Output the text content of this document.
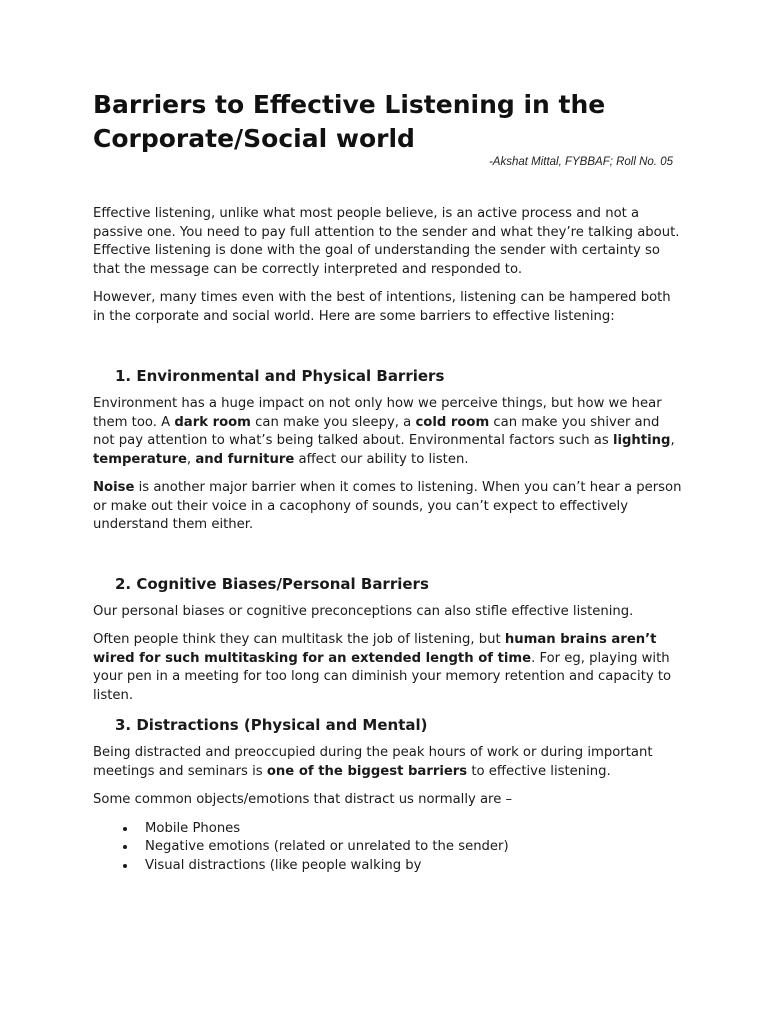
Barriers to Effective Listening in the Corporate/Social world
-Akshat Mittal, FYBBAF; Roll No. 05

Effective listening, unlike what most people believe, is an active process and not a passive one. You need to pay full attention to the sender and what they’re talking about. Effective listening is done with the goal of understanding the sender with certainty so that the message can be correctly interpreted and responded to.

However, many times even with the best of intentions, listening can be hampered both in the corporate and social world. Here are some barriers to effective listening:

1. Environmental and Physical Barriers

Environment has a huge impact on not only how we perceive things, but how we hear them too. A dark room can make you sleepy, a cold room can make you shiver and not pay attention to what’s being talked about. Environmental factors such as lighting, temperature, and furniture affect our ability to listen.

Noise is another major barrier when it comes to listening. When you can’t hear a person or make out their voice in a cacophony of sounds, you can’t expect to effectively understand them either.

2. Cognitive Biases/Personal Barriers

Our personal biases or cognitive preconceptions can also stifle effective listening.

Often people think they can multitask the job of listening, but human brains aren’t wired for such multitasking for an extended length of time. For eg, playing with your pen in a meeting for too long can diminish your memory retention and capacity to listen.

3. Distractions (Physical and Mental)

Being distracted and preoccupied during the peak hours of work or during important meetings and seminars is one of the biggest barriers to effective listening.

Some common objects/emotions that distract us normally are –

• Mobile Phones
• Negative emotions (related or unrelated to the sender)
• Visual distractions (like people walking by
